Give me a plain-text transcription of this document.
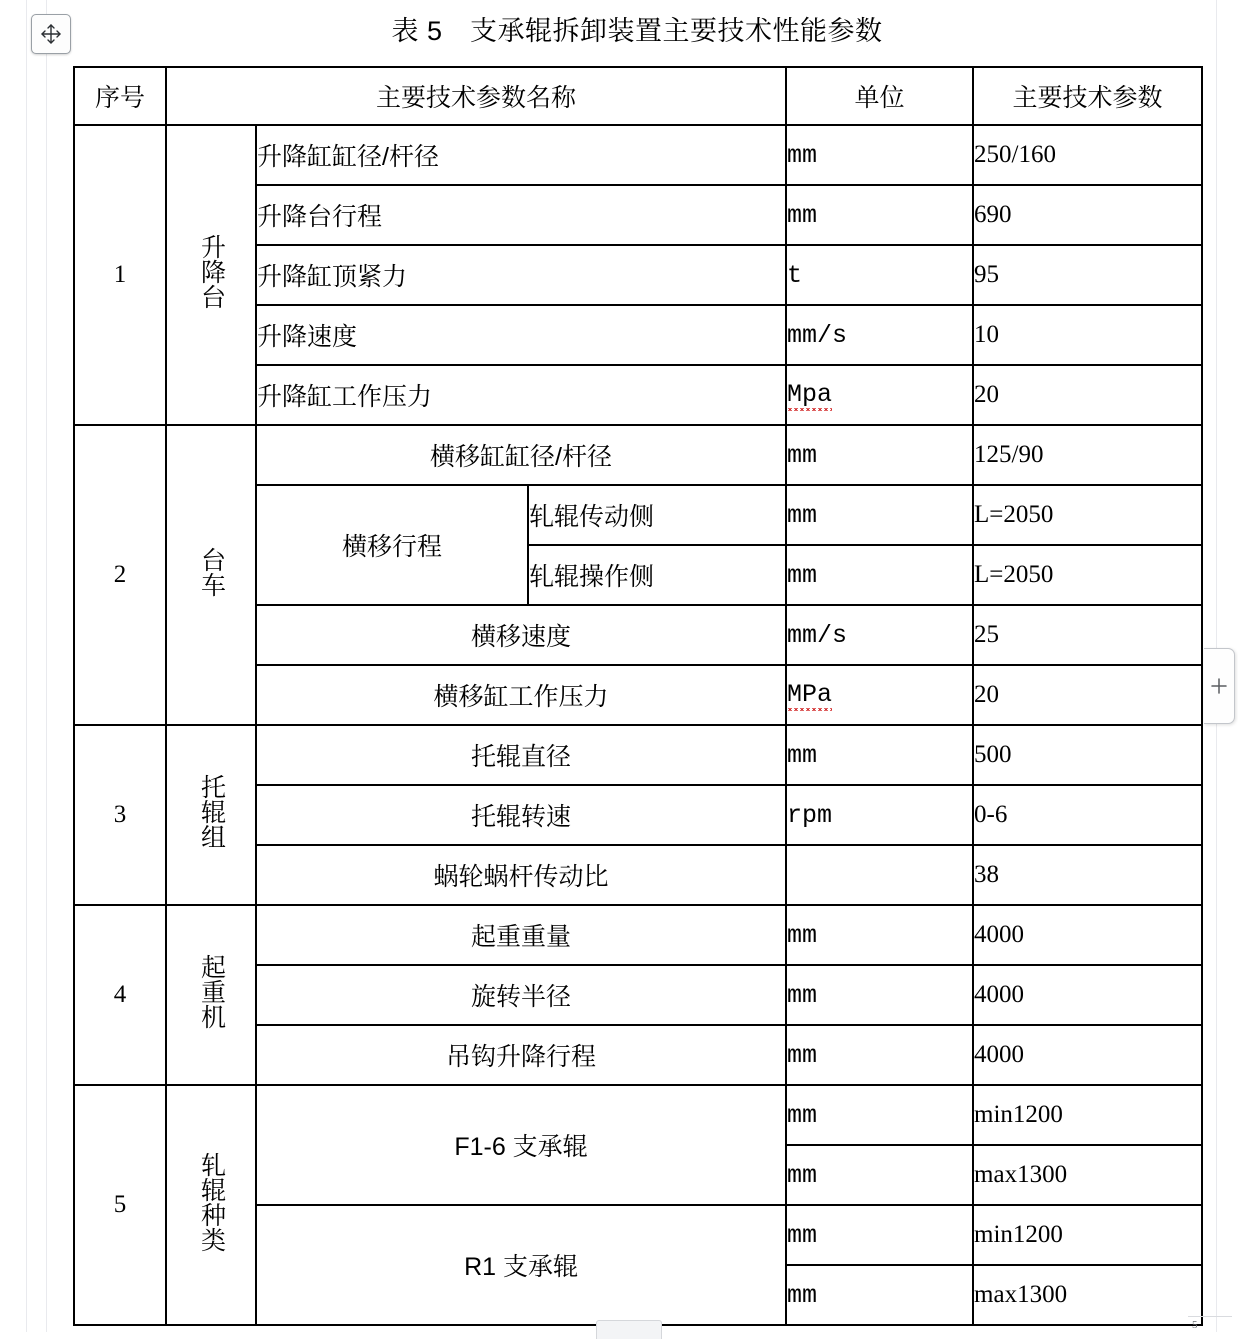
表 5　支承辊拆卸装置主要技术性能参数
序号	主要技术参数名称			单位	主要技术参数
1	升降台	升降缸缸径/杆径		mm	250/160
		升降台行程		mm	690
		升降缸顶紧力		t	95
		升降速度		mm/s	10
		升降缸工作压力		Mpa	20
2	台车	横移缸缸径/杆径		mm	125/90
		横移行程	轧辊传动侧	mm	L=2050
			轧辊操作侧	mm	L=2050
		横移速度		mm/s	25
		横移缸工作压力		MPa	20
3	托辊组	托辊直径		mm	500
		托辊转速		rpm	0-6
		蜗轮蜗杆传动比			38
4	起重机	起重重量		mm	4000
		旋转半径		mm	4000
		吊钩升降行程		mm	4000
5	轧辊种类	F1-6 支承辊		mm	min1200
				mm	max1300
		R1 支承辊		mm	min1200
				mm	max1300
5
